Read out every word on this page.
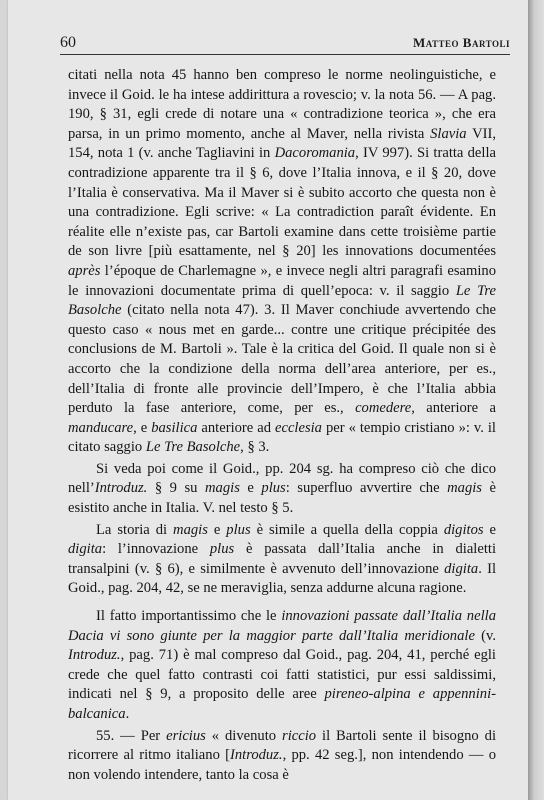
60	Matteo Bartoli

citati nella nota 45 hanno ben compreso le norme neolinguistiche, e invece il Goid. le ha intese addirittura a rovescio; v. la nota 56. — A pag. 190, § 31, egli crede di notare una « contradizione teorica », che era parsa, in un primo momento, anche al Maver, nella rivista Slavia VII, 154, nota 1 (v. anche Tagliavini in Dacoromania, IV 997). Si tratta della contradizione apparente tra il § 6, dove l’Italia innova, e il § 20, dove l’Italia è conservativa. Ma il Maver si è subito accorto che questa non è una contradizione. Egli scrive: « La contradiction paraît évidente. En réalite elle n’existe pas, car Bartoli examine dans cette troisième partie de son livre [più esattamente, nel § 20] les innovations documentées après l’époque de Charlemagne », e invece negli altri paragrafi esamino le innovazioni documentate prima di quell’epoca: v. il saggio Le Tre Basolche (citato nella nota 47). 3. Il Maver conchiude avvertendo che questo caso « nous met en garde... contre une critique précipitée des conclusions de M. Bartoli ». Tale è la critica del Goid. Il quale non si è accorto che la condizione della norma dell’area anteriore, per es., dell’Italia di fronte alle provincie dell’Impero, è che l’Italia abbia perduto la fase anteriore, come, per es., comedere, anteriore a manducare, e basilica anteriore ad ecclesia per « tempio cristiano »: v. il citato saggio Le Tre Basolche, § 3.

Si veda poi come il Goid., pp. 204 sg. ha compreso ciò che dico nell’Introduz. § 9 su magis e plus: superfluo avvertire che magis è esistito anche in Italia. V. nel testo § 5.

La storia di magis e plus è simile a quella della coppia digitos e digita: l’innovazione plus è passata dall’Italia anche in dialetti transalpini (v. § 6), e similmente è avvenuto dell’innovazione digita. Il Goid., pag. 204, 42, se ne meraviglia, senza addurne alcuna ragione.

Il fatto importantissimo che le innovazioni passate dall’Italia nella Dacia vi sono giunte per la maggior parte dall’Italia meridionale (v. Introduz., pag. 71) è mal compreso dal Goid., pag. 204, 41, perché egli crede che quel fatto contrasti coi fatti statistici, pur essi saldissimi, indicati nel § 9, a proposito delle aree pireneo-alpina e appennini-balcanica.

55. — Per ericius « divenuto riccio il Bartoli sente il bisogno di ricorrere al ritmo italiano [Introduz., pp. 42 seg.], non intendendo — o non volendo intendere, tanto la cosa è
